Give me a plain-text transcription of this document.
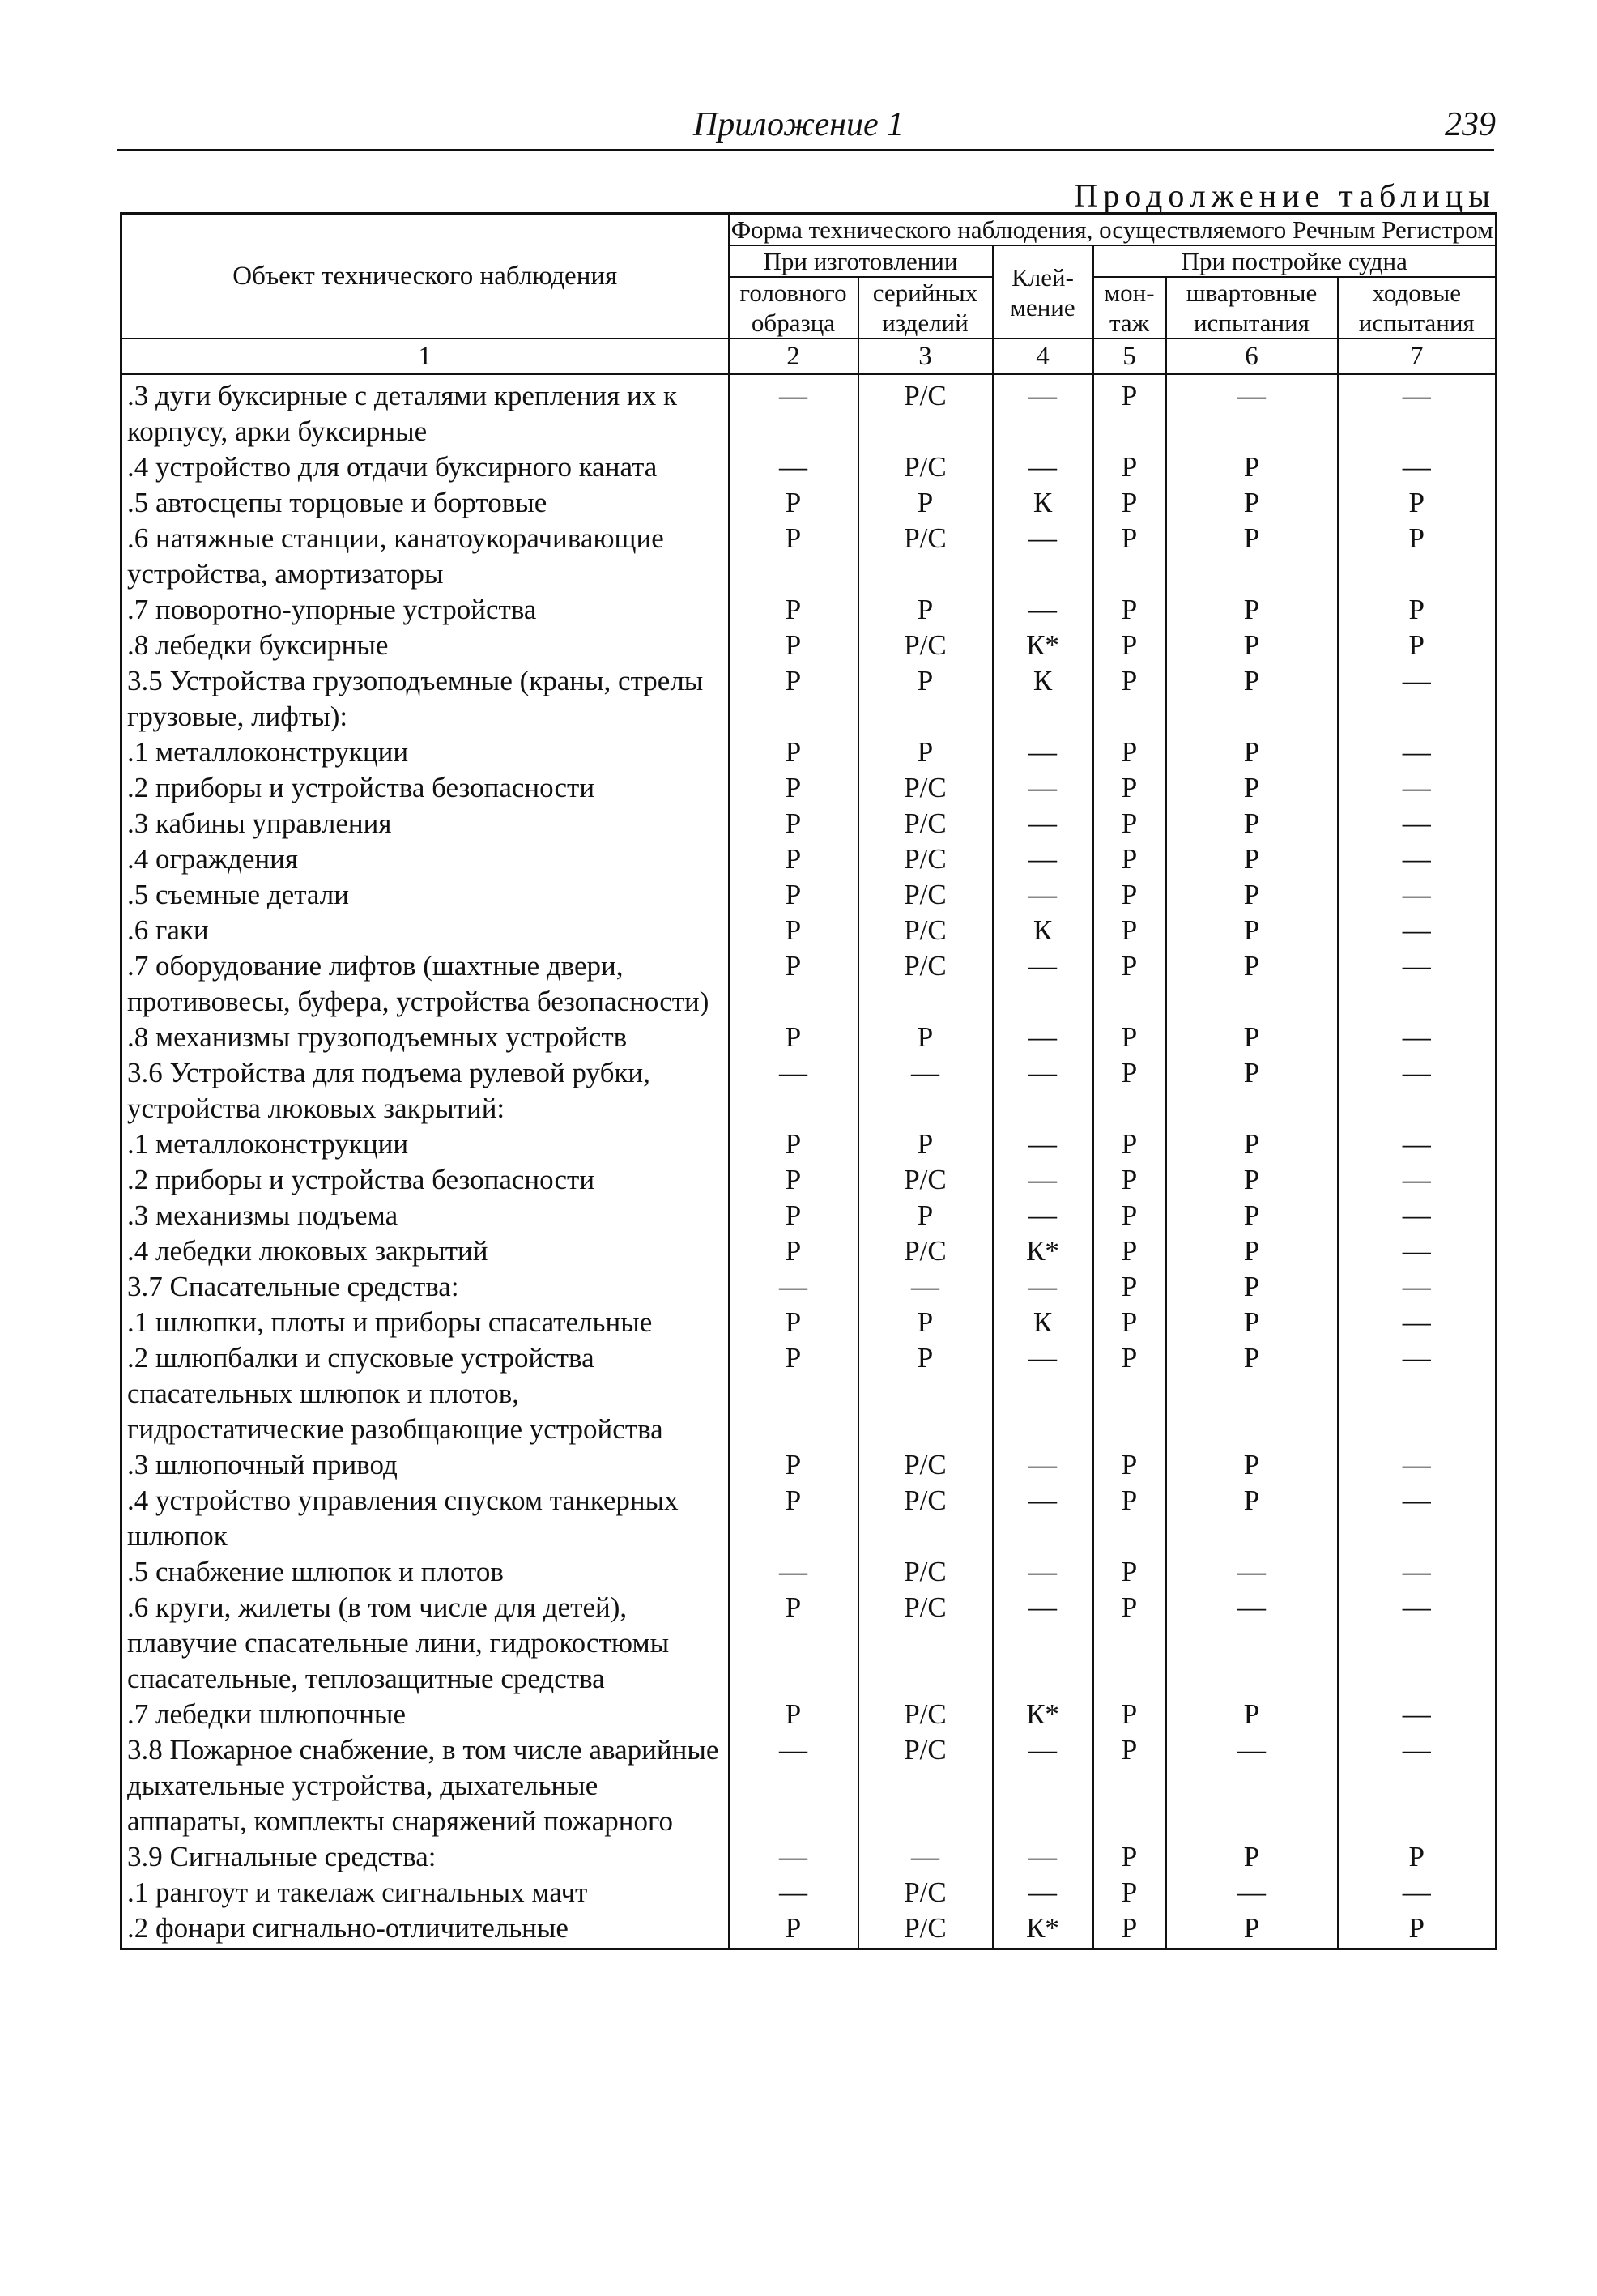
Приложение 1	239
Продолжение таблицы
Объект технического наблюдения	Форма технического наблюдения, осуществляемого Речным Регистром					
	При изготовлении		Клей-мение	При постройке судна		
	головного образца	серийных изделий		мон-таж	швартовные испытания	ходовые испытания
1	2	3	4	5	6	7
.3 дуги буксирные с деталями крепления их к корпусу, арки буксирные	—	Р/С	—	Р	—	—
.4 устройство для отдачи буксирного каната	—	Р/С	—	Р	Р	—
.5 автосцепы торцовые и бортовые	Р	Р	К	Р	Р	Р
.6 натяжные станции, канатоукорачивающие устройства, амортизаторы	Р	Р/С	—	Р	Р	Р
.7 поворотно-упорные устройства	Р	Р	—	Р	Р	Р
.8 лебедки буксирные	Р	Р/С	К*	Р	Р	Р
3.5 Устройства грузоподъемные (краны, стрелы грузовые, лифты):	Р	Р	К	Р	Р	—
.1 металлоконструкции	Р	Р	—	Р	Р	—
.2 приборы и устройства безопасности	Р	Р/С	—	Р	Р	—
.3 кабины управления	Р	Р/С	—	Р	Р	—
.4 ограждения	Р	Р/С	—	Р	Р	—
.5 съемные детали	Р	Р/С	—	Р	Р	—
.6 гаки	Р	Р/С	К	Р	Р	—
.7 оборудование лифтов (шахтные двери, противовесы, буфера, устройства безопасности)	Р	Р/С	—	Р	Р	—
.8 механизмы грузоподъемных устройств	Р	Р	—	Р	Р	—
3.6 Устройства для подъема рулевой рубки, устройства люковых закрытий:	—	—	—	Р	Р	—
.1 металлоконструкции	Р	Р	—	Р	Р	—
.2 приборы и устройства безопасности	Р	Р/С	—	Р	Р	—
.3 механизмы подъема	Р	Р	—	Р	Р	—
.4 лебедки люковых закрытий	Р	Р/С	К*	Р	Р	—
3.7 Спасательные средства:	—	—	—	Р	Р	—
.1 шлюпки, плоты и приборы спасательные	Р	Р	К	Р	Р	—
.2 шлюпбалки и спусковые устройства спасательных шлюпок и плотов, гидростатические разобщающие устройства	Р	Р	—	Р	Р	—
.3 шлюпочный привод	Р	Р/С	—	Р	Р	—
.4 устройство управления спуском танкерных шлюпок	Р	Р/С	—	Р	Р	—
.5 снабжение шлюпок и плотов	—	Р/С	—	Р	—	—
.6 круги, жилеты (в том числе для детей), плавучие спасательные лини, гидрокостюмы спасательные, теплозащитные средства	Р	Р/С	—	Р	—	—
.7 лебедки шлюпочные	Р	Р/С	К*	Р	Р	—
3.8 Пожарное снабжение, в том числе аварийные дыхательные устройства, дыхательные аппараты, комплекты снаряжений пожарного	—	Р/С	—	Р	—	—
3.9 Сигнальные средства:	—	—	—	Р	Р	Р
.1 рангоут и такелаж сигнальных мачт	—	Р/С	—	Р	—	—
.2 фонари сигнально-отличительные	Р	Р/С	К*	Р	Р	Р
